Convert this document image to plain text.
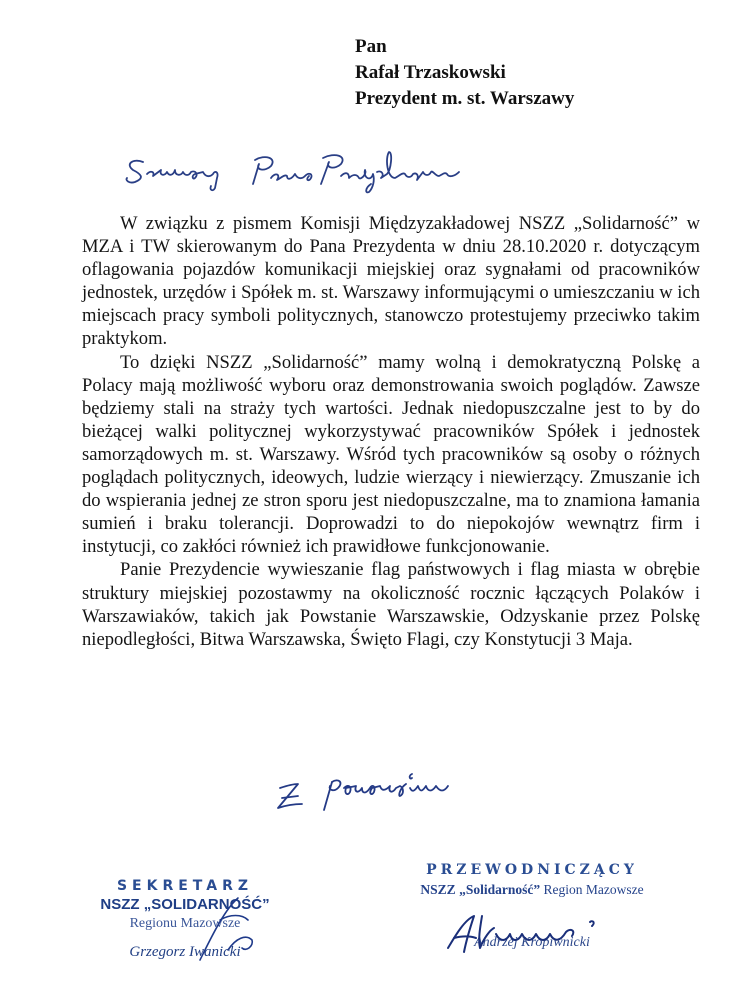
Pan
Rafał Trzaskowski
Prezydent m. st. Warszawy

W związku z pismem Komisji Międzyzakładowej NSZZ „Solidarność” w MZA i TW skierowanym do Pana Prezydenta w dniu 28.10.2020 r. dotyczącym oflagowania pojazdów komunikacji miejskiej oraz sygnałami od pracowników jednostek, urzędów i Spółek m. st. Warszawy informującymi o umieszczaniu w ich miejscach pracy symboli politycznych, stanowczo protestujemy przeciwko takim praktykom.

To dzięki NSZZ „Solidarność” mamy wolną i demokratyczną Polskę a Polacy mają możliwość wyboru oraz demonstrowania swoich poglądów. Zawsze będziemy stali na straży tych wartości. Jednak niedopuszczalne jest to by do bieżącej walki politycznej wykorzystywać pracowników Spółek i jednostek samorządowych m. st. Warszawy. Wśród tych pracowników są osoby o różnych poglądach politycznych, ideowych, ludzie wierzący i niewierzący. Zmuszanie ich do wspierania jednej ze stron sporu jest niedopuszczalne, ma to znamiona łamania sumień i braku tolerancji. Doprowadzi to do niepokojów wewnątrz firm i instytucji, co zakłóci również ich prawidłowe funkcjonowanie.

Panie Prezydencie wywieszanie flag państwowych i flag miasta w obrębie struktury miejskiej pozostawmy na okoliczność rocznic łączących Polaków i Warszawiaków, takich jak Powstanie Warszawskie, Odzyskanie przez Polskę niepodległości, Bitwa Warszawska, Święto Flagi, czy Konstytucji 3 Maja.

SEKRETARZ
NSZZ „SOLIDARNOŚĆ”
Regionu Mazowsze
Grzegorz Iwanicki
PRZEWODNICZĄCY
NSZZ „Solidarność” Region Mazowsze
Andrzej Kropiwnicki
